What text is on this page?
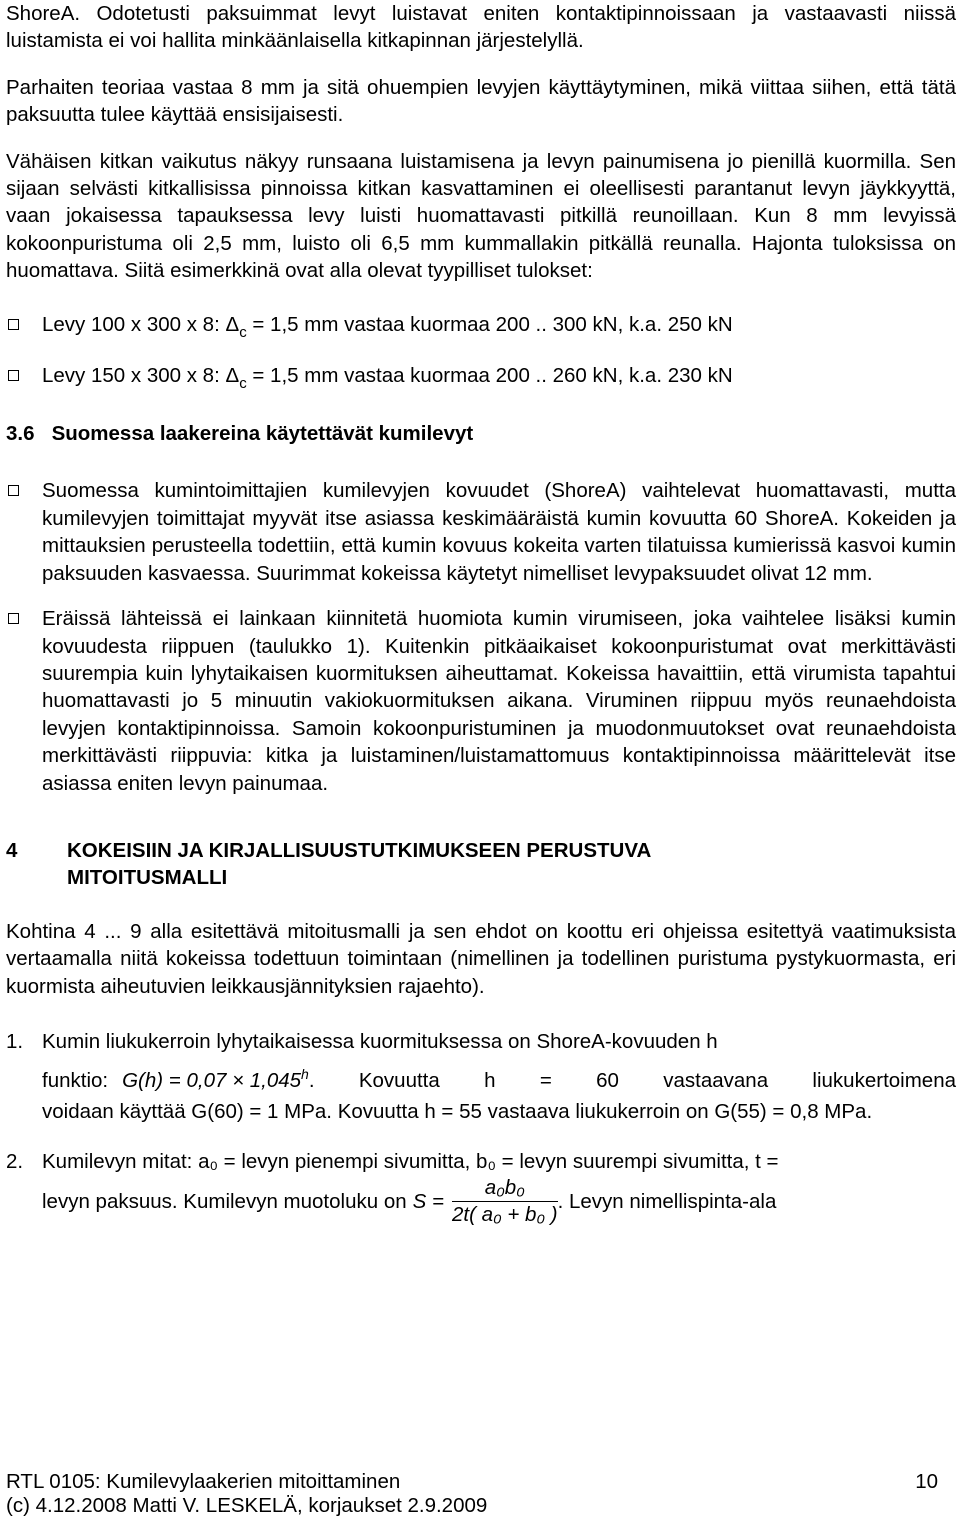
ShoreA. Odotetusti paksuimmat levyt luistavat eniten kontaktipinnoissaan ja vastaavasti niissä luistamista ei voi hallita minkäänlaisella kitkapinnan järjestelyllä.

Parhaiten teoriaa vastaa 8 mm ja sitä ohuempien levyjen käyttäytyminen, mikä viittaa siihen, että tätä paksuutta tulee käyttää ensisijaisesti.

Vähäisen kitkan vaikutus näkyy runsaana luistamisena ja levyn painumisena jo pienillä kuormilla. Sen sijaan selvästi kitkallisissa pinnoissa kitkan kasvattaminen ei oleellisesti parantanut levyn jäykkyyttä, vaan jokaisessa tapauksessa levy luisti huomattavasti pitkillä reunoillaan. Kun 8 mm levyissä kokoonpuristuma oli 2,5 mm, luisto oli 6,5 mm kummallakin pitkällä reunalla. Hajonta tuloksissa on huomattava. Siitä esimerkkinä ovat alla olevat tyypilliset tulokset:

Levy 100 x 300 x 8: $\Delta_c = 1,5$ mm vastaa kuormaa 200 .. 300 kN, k.a. 250 kN
Levy 150 x 300 x 8: $\Delta_c = 1,5$ mm vastaa kuormaa 200 .. 260 kN, k.a. 230 kN
3.6   Suomessa laakereina käytettävät kumilevyt
Suomessa kumintoimittajien kumilevyjen kovuudet (ShoreA) vaihtelevat huomattavasti, mutta kumilevyjen toimittajat myyvät itse asiassa keskimääräistä kumin kovuutta 60 ShoreA. Kokeiden ja mittauksien perusteella todettiin, että kumin kovuus kokeita varten tilatuissa kumierissä kasvoi kumin paksuuden kasvaessa. Suurimmat kokeissa käytetyt nimelliset levypaksuudet olivat 12 mm.
Eräissä lähteissä ei lainkaan kiinnitetä huomiota kumin virumiseen, joka vaihtelee lisäksi kumin kovuudesta riippuen (taulukko 1). Kuitenkin pitkäaikaiset kokoonpuristumat ovat merkittävästi suurempia kuin lyhytaikaisen kuormituksen aiheuttamat. Kokeissa havaittiin, että virumista tapahtui huomattavasti jo 5 minuutin vakiokuormituksen aikana. Viruminen riippuu myös reunaehdoista levyjen kontaktipinnoissa. Samoin kokoonpuristuminen ja muodonmuutokset ovat reunaehdoista merkittävästi riippuvia: kitka ja luistaminen/luistamattomuus kontaktipinnoissa määrittelevät itse asiassa eniten levyn painumaa.
4	KOKEISIIN JA KIRJALLISUUSTUTKIMUKSEEN PERUSTUVA
MITOITUSMALLI

Kohtina 4 ... 9 alla esitettävä mitoitusmalli ja sen ehdot on koottu eri ohjeissa esitettyä vaatimuksista vertaamalla niitä kokeissa todettuun toimintaan (nimellinen ja todellinen puristuma pystykuormasta, eri kuormista aiheutuvien leikkausjännityksien rajaehto).

1. Kumin liukukerroin lyhytaikaisessa kuormituksessa on ShoreA-kovuuden h

funktio: G(h) = 0,07 × 1,045$^h$ . Kovuutta h = 60 vastaavana liukukertoimena

voidaan käyttää G(60) = 1 MPa. Kovuutta h = 55 vastaava liukukerroin on G(55) = 0,8 MPa.

2. Kumilevyn mitat: a₀ = levyn pienempi sivumitta, b₀ = levyn suurempi sivumitta, t =

levyn paksuus. Kumilevyn muotoluku on $S = \frac{\text{a₀b₀}}{\text{2t( a₀ + b₀ )}}$ . Levyn nimellispinta-ala
RTL 0105: Kumilevylaakerien mitoittaminen	10
(c) 4.12.2008 Matti V. LESKELÄ, korjaukset 2.9.2009
